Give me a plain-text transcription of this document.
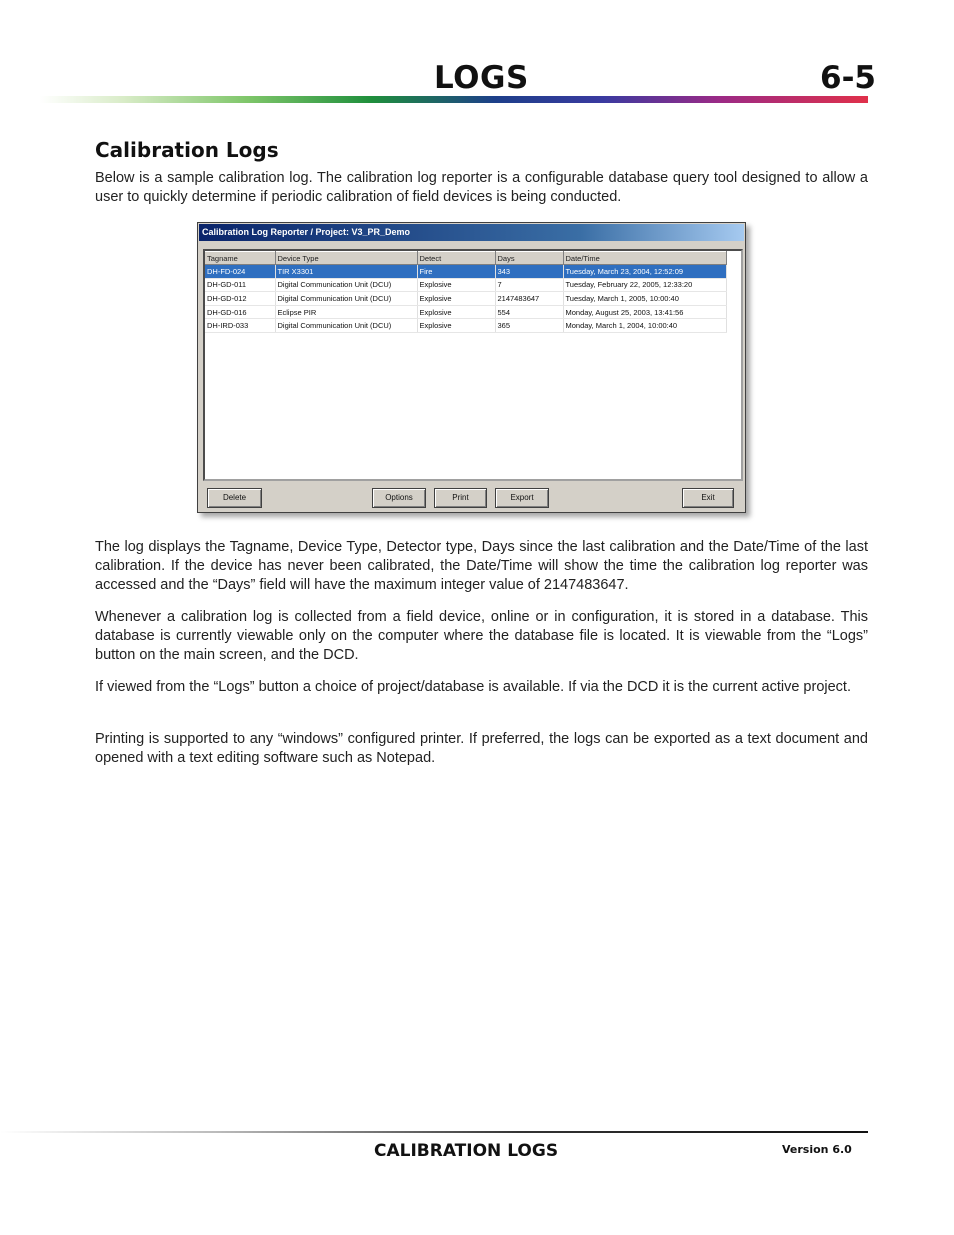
LOGS	6-5
Calibration Logs

Below is a sample calibration log. The calibration log reporter is a configurable database query tool designed to allow a user to quickly determine if periodic calibration of field devices is being conducted.

Calibration Log Reporter / Project: V3_PR_Demo
Tagname	Device Type	Detect	Days	Date/Time
DH-FD-024	TIR X3301	Fire	343	Tuesday, March 23, 2004, 12:52:09
DH-GD-011	Digital Communication Unit (DCU)	Explosive	7	Tuesday, February 22, 2005, 12:33:20
DH-GD-012	Digital Communication Unit (DCU)	Explosive	2147483647	Tuesday, March 1, 2005, 10:00:40
DH-GD-016	Eclipse PIR	Explosive	554	Monday, August 25, 2003, 13:41:56
DH-IRD-033	Digital Communication Unit (DCU)	Explosive	365	Monday, March 1, 2004, 10:00:40
Delete	Options	Print	Export	Exit

The log displays the Tagname, Device Type, Detector type, Days since the last calibration and the Date/Time of the last calibration. If the device has never been calibrated, the Date/Time will show the time the calibration log reporter was accessed and the “Days” field will have the maximum integer value of 2147483647.

Whenever a calibration log is collected from a field device, online or in configuration, it is stored in a database. This database is currently viewable only on the computer where the database file is located. It is viewable from the “Logs” button on the main screen, and the DCD.

If viewed from the “Logs” button a choice of project/database is available. If via the DCD it is the current active project.

Printing is supported to any “windows” configured printer. If preferred, the logs can be exported as a text document and opened with a text editing software such as Notepad.

CALIBRATION LOGS	Version 6.0
